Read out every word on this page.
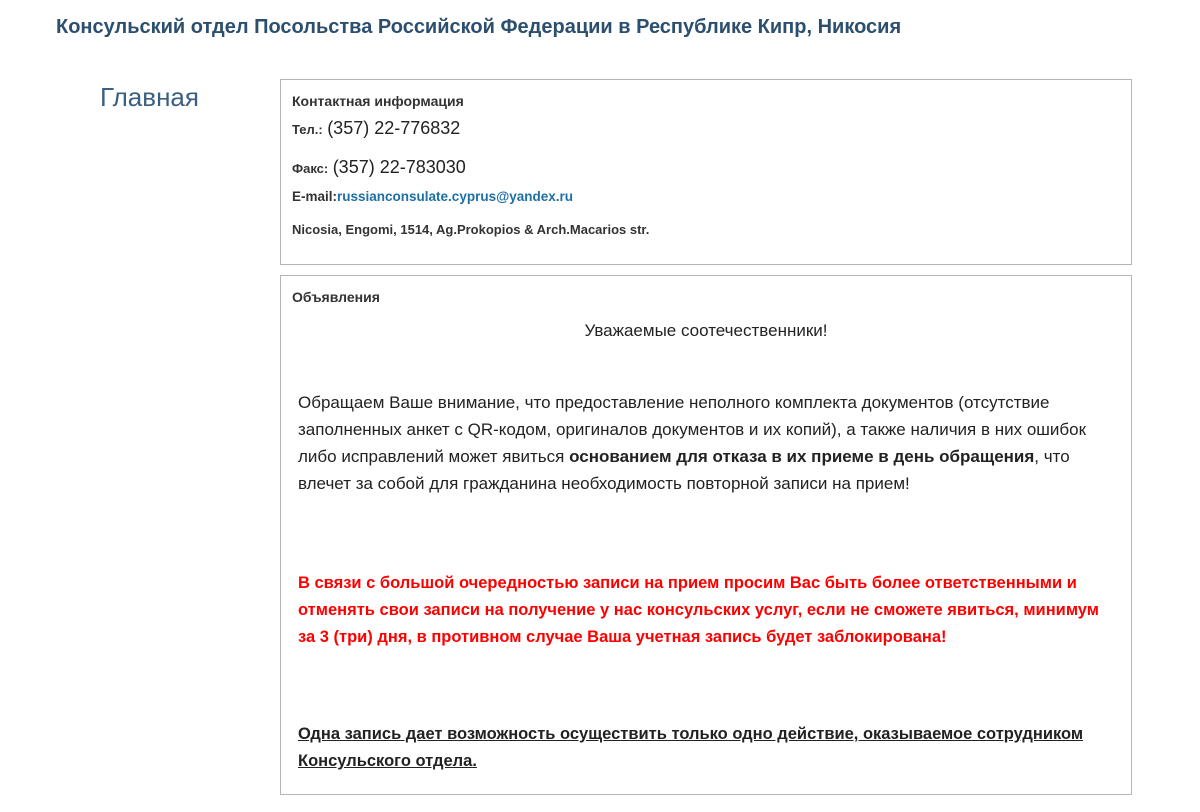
Консульский отдел Посольства Российской Федерации в Республике Кипр, Никосия
Главная	Контактная информация
Тел.: (357) 22-776832
Факс: (357) 22-783030
E-mail:russianconsulate.cyprus@yandex.ru
Nicosia, Engomi, 1514, Ag.Prokopios & Arch.Macarios str.
Объявления
Уважаемые соотечественники!
Обращаем Ваше внимание, что предоставление неполного комплекта документов (отсутствие заполненных анкет с QR-кодом, оригиналов документов и их копий), а также наличия в них ошибок либо исправлений может явиться основанием для отказа в их приеме в день обращения, что влечет за собой для гражданина необходимость повторной записи на прием!
В связи с большой очередностью записи на прием просим Вас быть более ответственными и отменять свои записи на получение у нас консульских услуг, если не сможете явиться, минимум за 3 (три) дня, в противном случае Ваша учетная запись будет заблокирована!
Одна запись дает возможность осуществить только одно действие, оказываемое сотрудником Консульского отдела.
